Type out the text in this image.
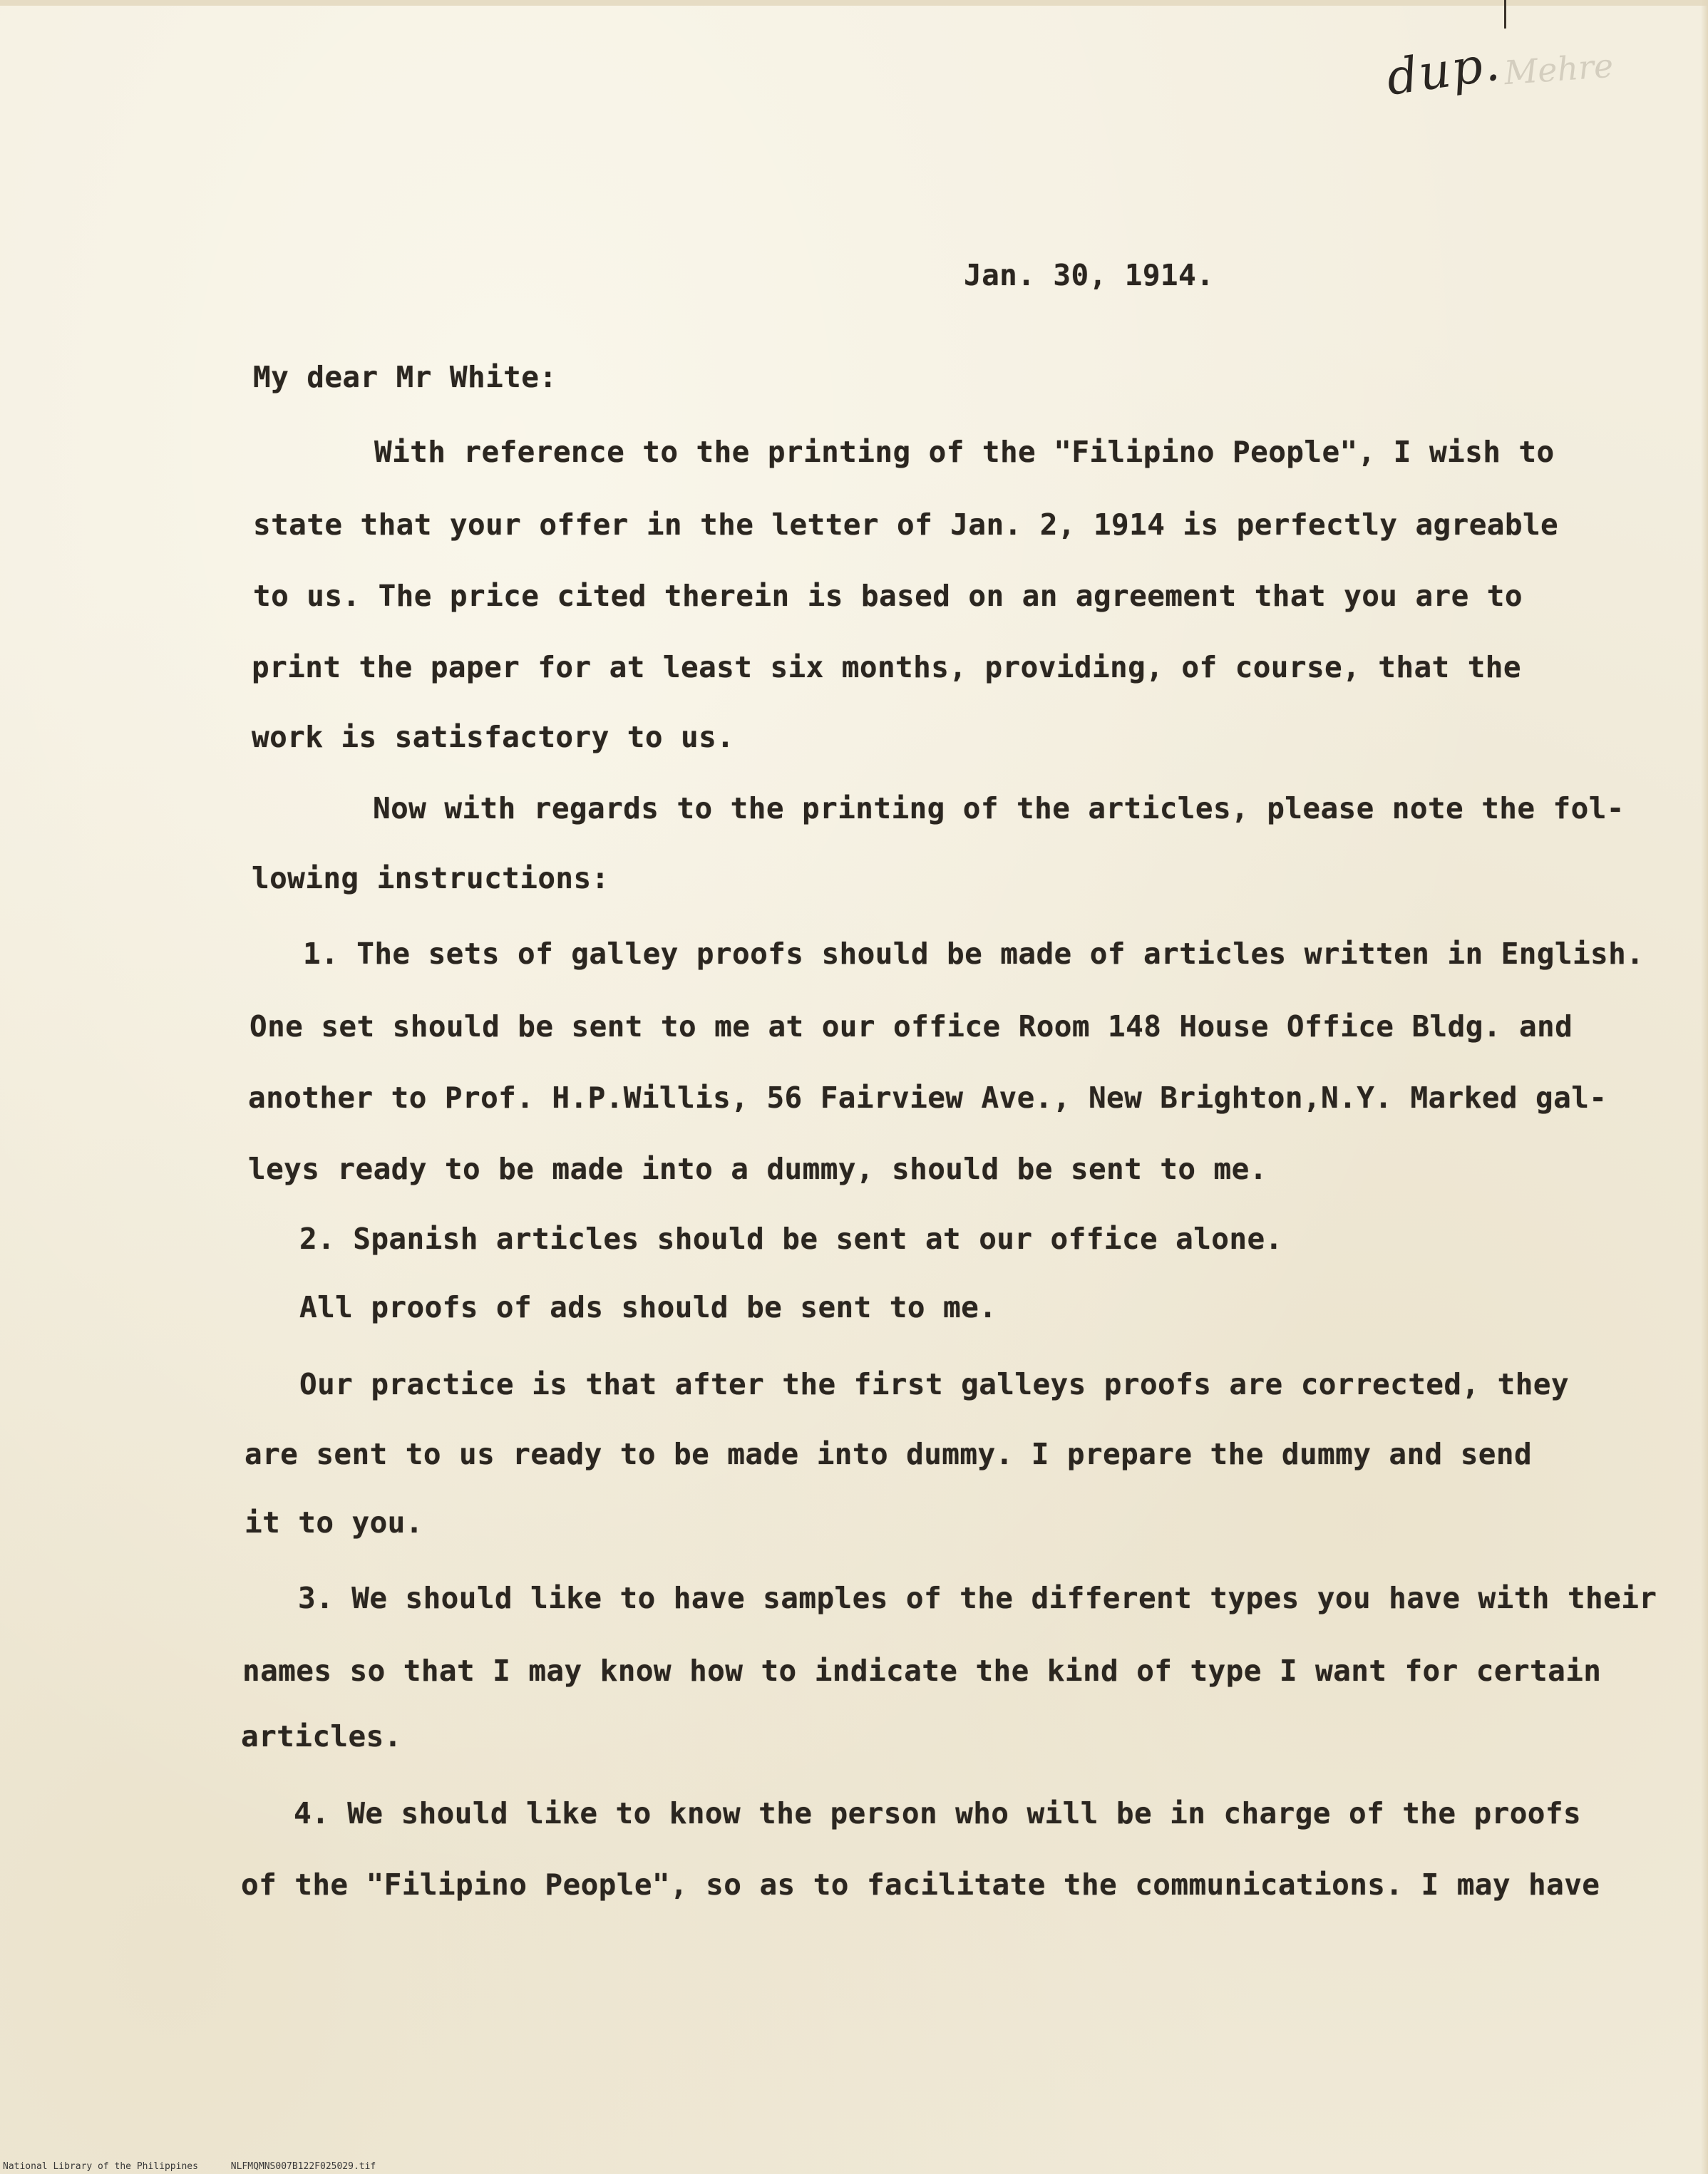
Mehre
dup.
Jan. 30, 1914.
My dear Mr White:
With reference to the printing of the "Filipino People", I wish to
state that your offer in the letter of Jan. 2, 1914 is perfectly agreable
to us. The price cited therein is based on an agreement that you are to
print the paper for at least six months, providing, of course, that the
work is satisfactory to us.
Now with regards to the printing of the articles, please note the fol-
lowing instructions:
1. The sets of galley proofs should be made of articles written in English.
One set should be sent to me at our office Room 148 House Office Bldg. and
another to Prof. H.P.Willis, 56 Fairview Ave., New Brighton,N.Y. Marked gal-
leys ready to be made into a dummy, should be sent to me.
2. Spanish articles should be sent at our office alone.
All proofs of ads should be sent to me.
Our practice is that after the first galleys proofs are corrected, they
are sent to us ready to be made into dummy. I prepare the dummy and send
it to you.
3. We should like to have samples of the different types you have with their
names so that I may know how to indicate the kind of type I want for certain
articles.
4. We should like to know the person who will be in charge of the proofs
of the "Filipino People", so as to facilitate the communications. I may have
National Library of the Philippines	NLFMQMNS007B122F025029.tif
